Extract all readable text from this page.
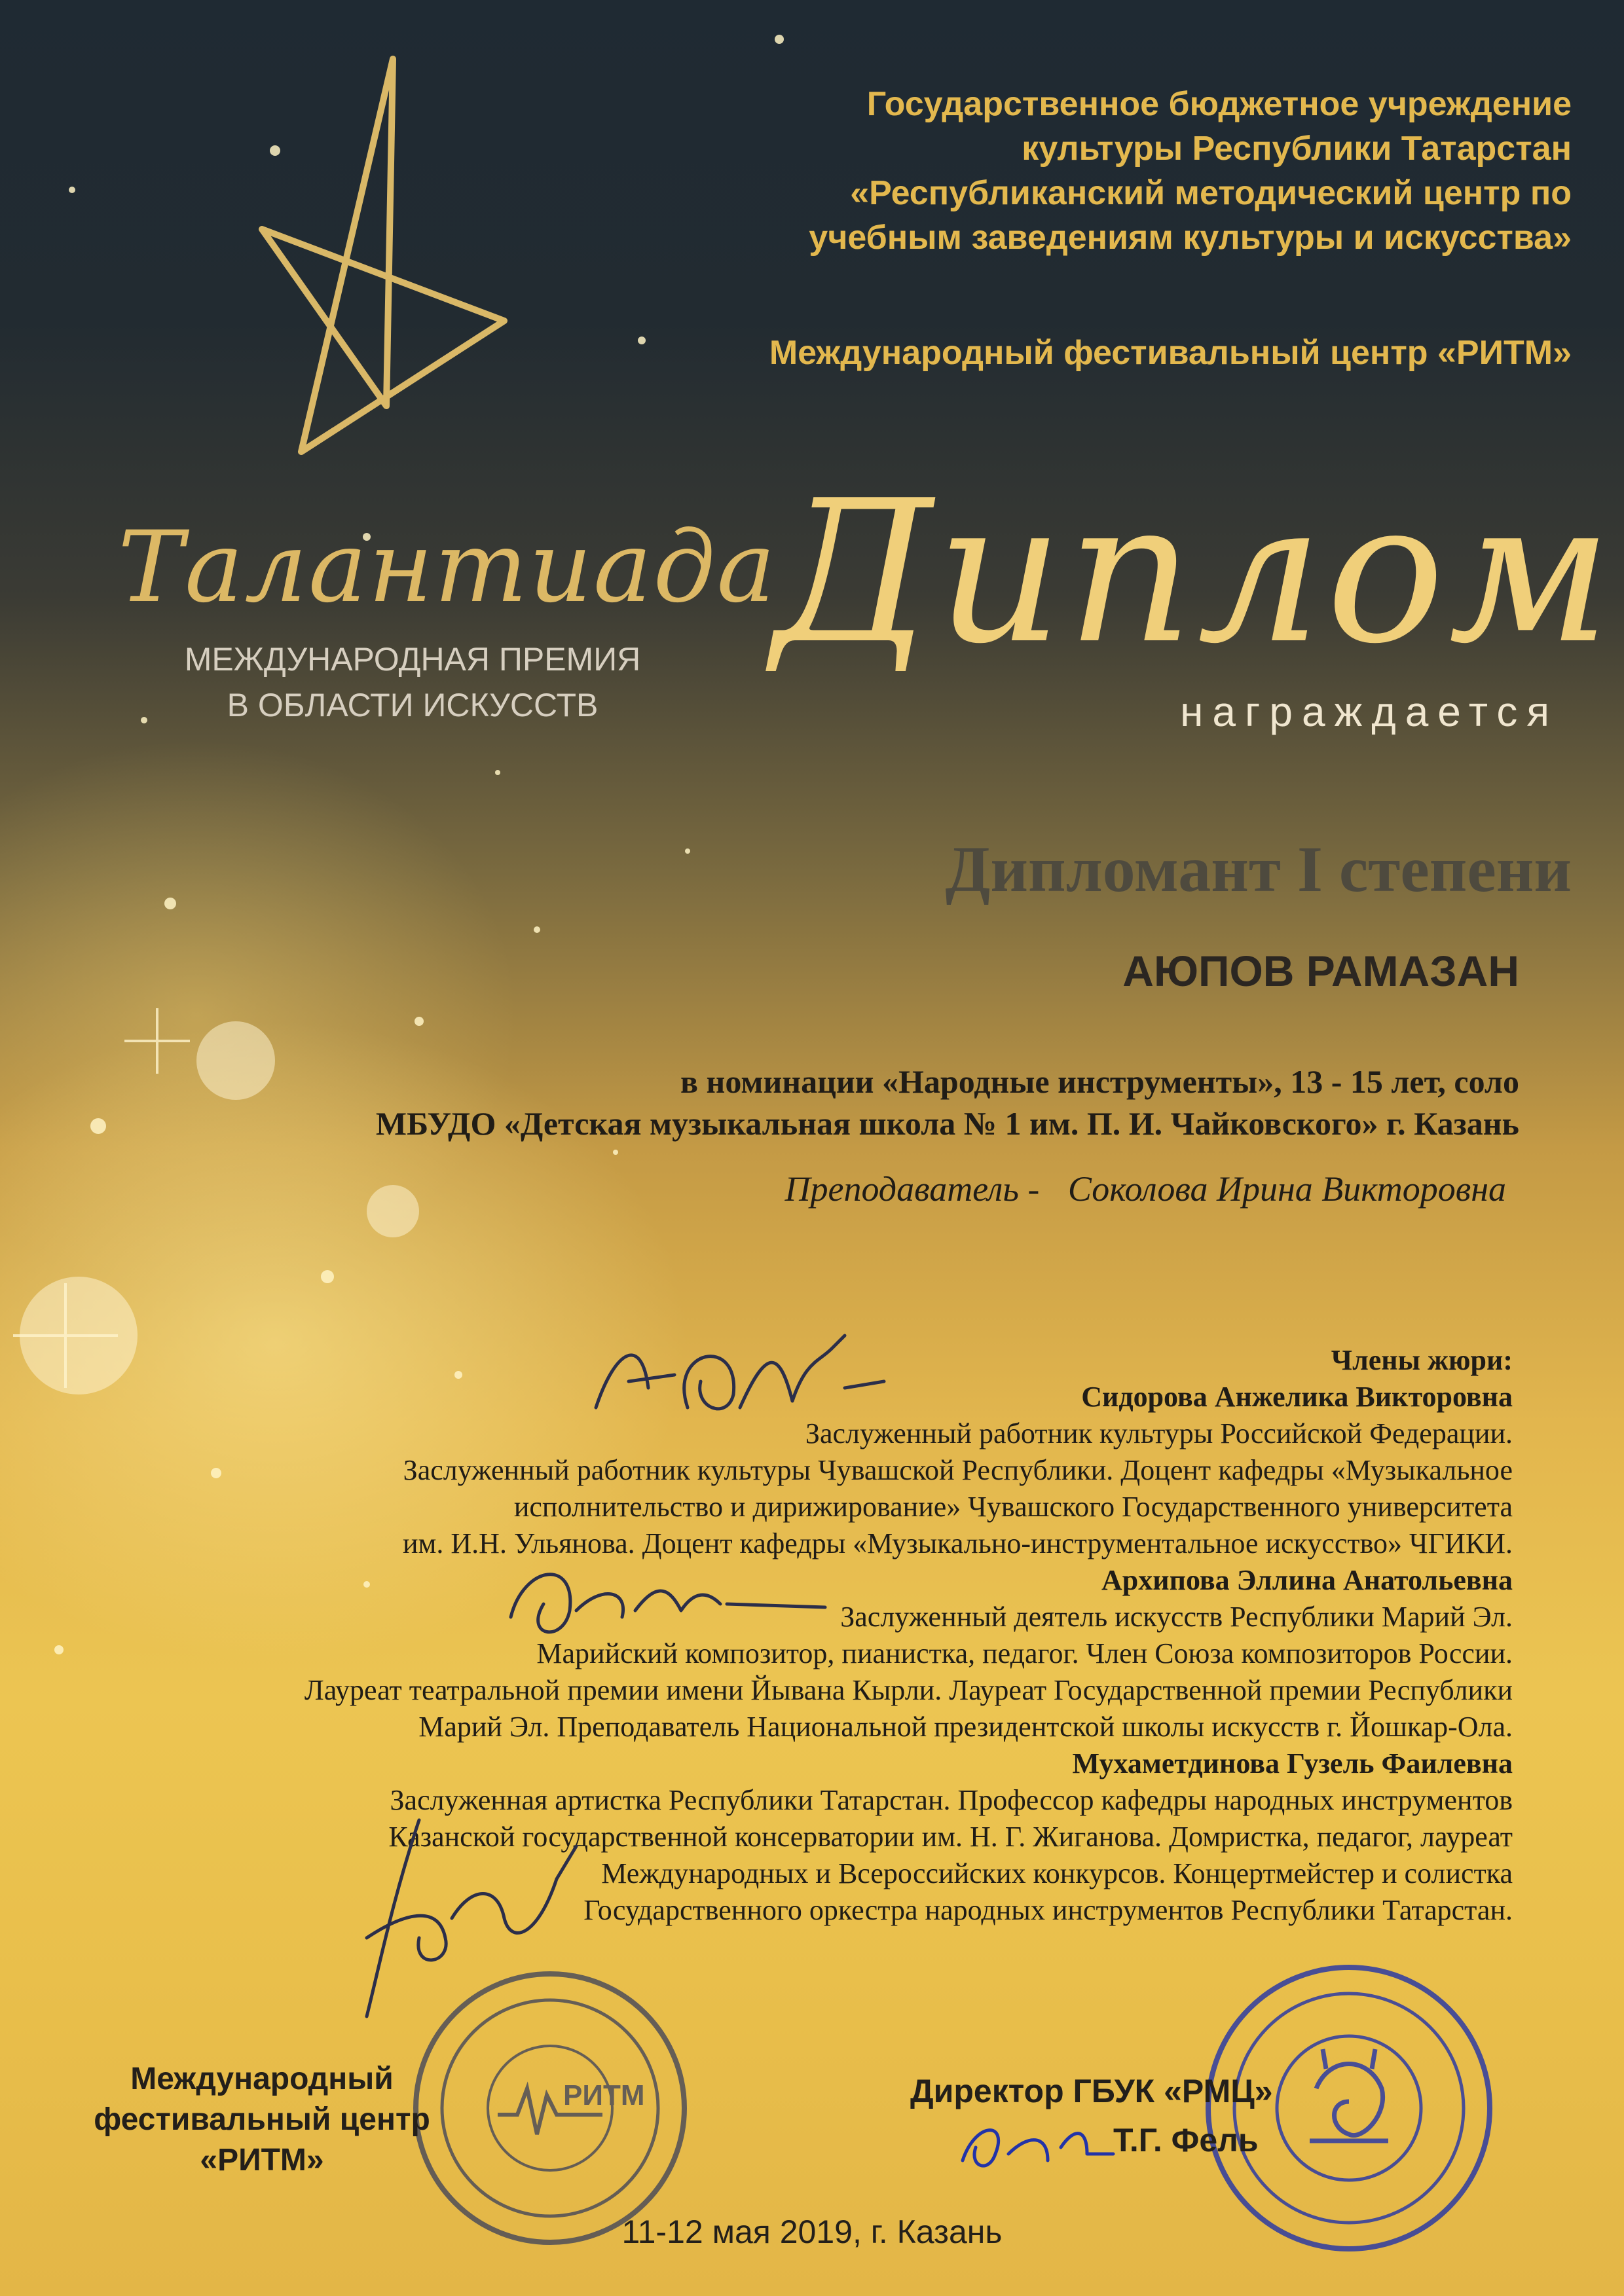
Талантиада
МЕЖДУНАРОДНАЯ ПРЕМИЯ
В ОБЛАСТИ ИСКУССТВ
Государственное бюджетное учреждение
культуры Республики Татарстан
«Республиканский методический центр по
учебным заведениям культуры и искусства»
Международный фестивальный центр «РИТМ»
Диплом
награждается
Дипломант I степени
АЮПОВ РАМАЗАН
в номинации «Народные инструменты», 13 - 15 лет, соло
МБУДО «Детская музыкальная школа № 1 им. П. И. Чайковского» г. Казань
Преподаватель - Соколова Ирина Викторовна
Члены жюри:
Сидорова Анжелика Викторовна
Заслуженный работник культуры Российской Федерации.
Заслуженный работник культуры Чувашской Республики. Доцент кафедры «Музыкальное
исполнительство и дирижирование» Чувашского Государственного университета
им. И.Н. Ульянова. Доцент кафедры «Музыкально-инструментальное искусство» ЧГИКИ.
Архипова Эллина Анатольевна
Заслуженный деятель искусств Республики Марий Эл.
Марийский композитор, пианистка, педагог. Член Союза композиторов России.
Лауреат театральной премии имени Йывана Кырли. Лауреат Государственной премии Республики
Марий Эл. Преподаватель Национальной президентской школы искусств г. Йошкар-Ола.
Мухаметдинова Гузель Фаилевна
Заслуженная артистка Республики Татарстан. Профессор кафедры народных инструментов
Казанской государственной консерватории им. Н. Г. Жиганова. Домристка, педагог, лауреат
Международных и Всероссийских конкурсов. Концертмейстер и солистка
Государственного оркестра народных инструментов Республики Татарстан.
РИТМ
Международный
фестивальный центр
«РИТМ»
Директор ГБУК «РМЦ»
Т.Г. Фель
11-12 мая 2019, г. Казань
